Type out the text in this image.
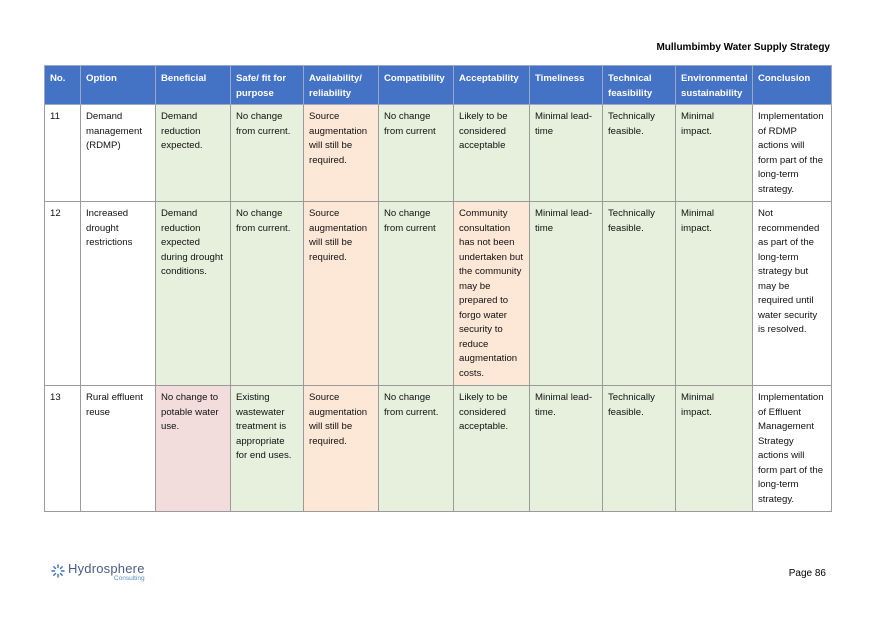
Mullumbimby Water Supply Strategy
No.	Option	Beneficial	Safe/ fit for purpose	Availability/ reliability	Compatibility	Acceptability	Timeliness	Technical feasibility	Environmental sustainability	Conclusion
11	Demand management (RDMP)	Demand reduction expected.	No change from current.	Source augmentation will still be required.	No change from current	Likely to be considered acceptable	Minimal lead-time	Technically feasible.	Minimal impact.	Implementation of RDMP actions will form part of the long-term strategy.
12	Increased drought restrictions	Demand reduction expected during drought conditions.	No change from current.	Source augmentation will still be required.	No change from current	Community consultation has not been undertaken but the community may be prepared to forgo water security to reduce augmentation costs.	Minimal lead-time	Technically feasible.	Minimal impact.	Not recommended as part of the long-term strategy but may be required until water security is resolved.
13	Rural effluent reuse	No change to potable water use.	Existing wastewater treatment is appropriate for end uses.	Source augmentation will still be required.	No change from current.	Likely to be considered acceptable.	Minimal lead-time.	Technically feasible.	Minimal impact.	Implementation of Effluent Management Strategy actions will form part of the long-term strategy.
Hydrosphere
Consulting	Page 86
